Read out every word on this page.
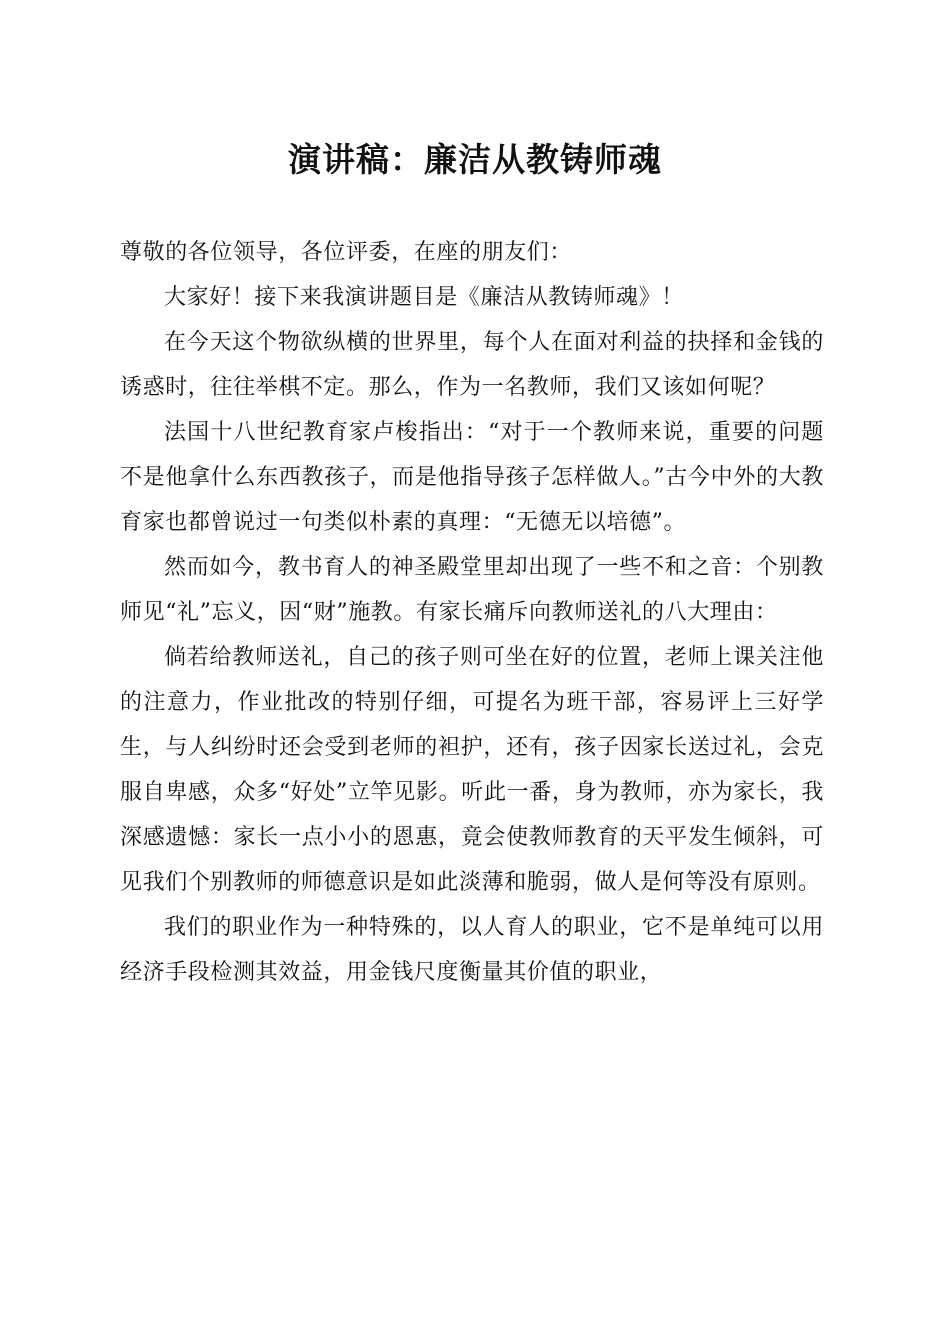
演讲稿：廉洁从教铸师魂

尊敬的各位领导，各位评委，在座的朋友们：

大家好！接下来我演讲题目是《廉洁从教铸师魂》！

在今天这个物欲纵横的世界里，每个人在面对利益的抉择和金钱的诱惑时，往往举棋不定。那么，作为一名教师，我们又该如何呢？

法国十八世纪教育家卢梭指出：“对于一个教师来说，重要的问题不是他拿什么东西教孩子，而是他指导孩子怎样做人。”古今中外的大教育家也都曾说过一句类似朴素的真理：“无德无以培德”。

然而如今，教书育人的神圣殿堂里却出现了一些不和之音：个别教师见“礼”忘义，因“财”施教。有家长痛斥向教师送礼的八大理由：

倘若给教师送礼，自己的孩子则可坐在好的位置，老师上课关注他的注意力，作业批改的特别仔细，可提名为班干部，容易评上三好学生，与人纠纷时还会受到老师的袒护，还有，孩子因家长送过礼，会克服自卑感，众多“好处”立竿见影。听此一番，身为教师，亦为家长，我深感遗憾：家长一点小小的恩惠，竟会使教师教育的天平发生倾斜，可见我们个别教师的师德意识是如此淡薄和脆弱，做人是何等没有原则。

我们的职业作为一种特殊的，以人育人的职业，它不是单纯可以用经济手段检测其效益，用金钱尺度衡量其价值的职业，
